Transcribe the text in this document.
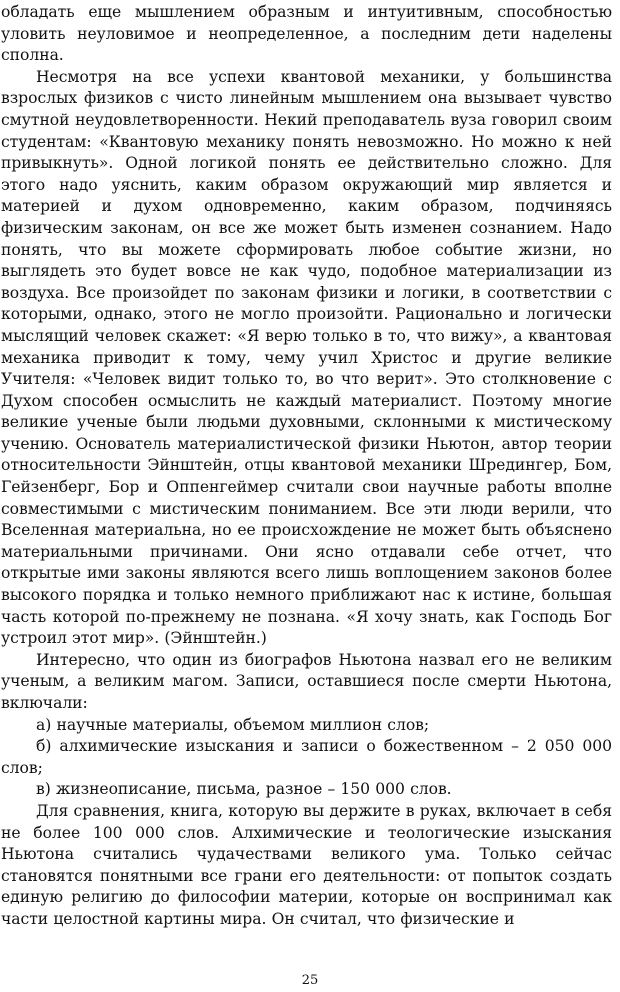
обладать еще мышлением образным и интуитивным, способностью уловить неуловимое и неопределенное, а последним дети наделены сполна.

Несмотря на все успехи квантовой механики, у большинства взрослых физиков с чисто линейным мышлением она вызывает чувство смутной неудовлетворенности. Некий преподаватель вуза говорил своим студентам: «Квантовую механику понять невозможно. Но можно к ней привыкнуть». Одной логикой понять ее действительно сложно. Для этого надо уяснить, каким образом окружающий мир является и материей и духом одновременно, каким образом, подчиняясь физическим законам, он все же может быть изменен сознанием. Надо понять, что вы можете сформировать любое событие жизни, но выглядеть это будет вовсе не как чудо, подобное материализации из воздуха. Все произойдет по законам физики и логики, в соответствии с которыми, однако, этого не могло произойти. Рационально и логически мыслящий человек скажет: «Я верю только в то, что вижу», а квантовая механика приводит к тому, чему учил Христос и другие великие Учителя: «Человек видит только то, во что верит». Это столкновение с Духом способен осмыслить не каждый материалист. Поэтому многие великие ученые были людьми духовными, склонными к мистическому учению. Основатель материалистической физики Ньютон, автор теории относительности Эйнштейн, отцы квантовой механики Шредингер, Бом, Гейзенберг, Бор и Оппенгеймер считали свои научные работы вполне совместимыми с мистическим пониманием. Все эти люди верили, что Вселенная материальна, но ее происхождение не может быть объяснено материальными причинами. Они ясно отдавали себе отчет, что открытые ими законы являются всего лишь воплощением законов более высокого порядка и только немного приближают нас к истине, большая часть которой по-прежнему не познана. «Я хочу знать, как Господь Бог устроил этот мир». (Эйнштейн.)

Интересно, что один из биографов Ньютона назвал его не великим ученым, а великим магом. Записи, оставшиеся после смерти Ньютона, включали:

а) научные материалы, объемом миллион слов;

б) алхимические изыскания и записи о божественном – 2 050 000 слов;

в) жизнеописание, письма, разное – 150 000 слов.

Для сравнения, книга, которую вы держите в руках, включает в себя не более 100 000 слов. Алхимические и теологические изыскания Ньютона считались чудачествами великого ума. Только сейчас становятся понятными все грани его деятельности: от попыток создать единую религию до философии материи, которые он воспринимал как части целостной картины мира. Он считал, что физические и

25
